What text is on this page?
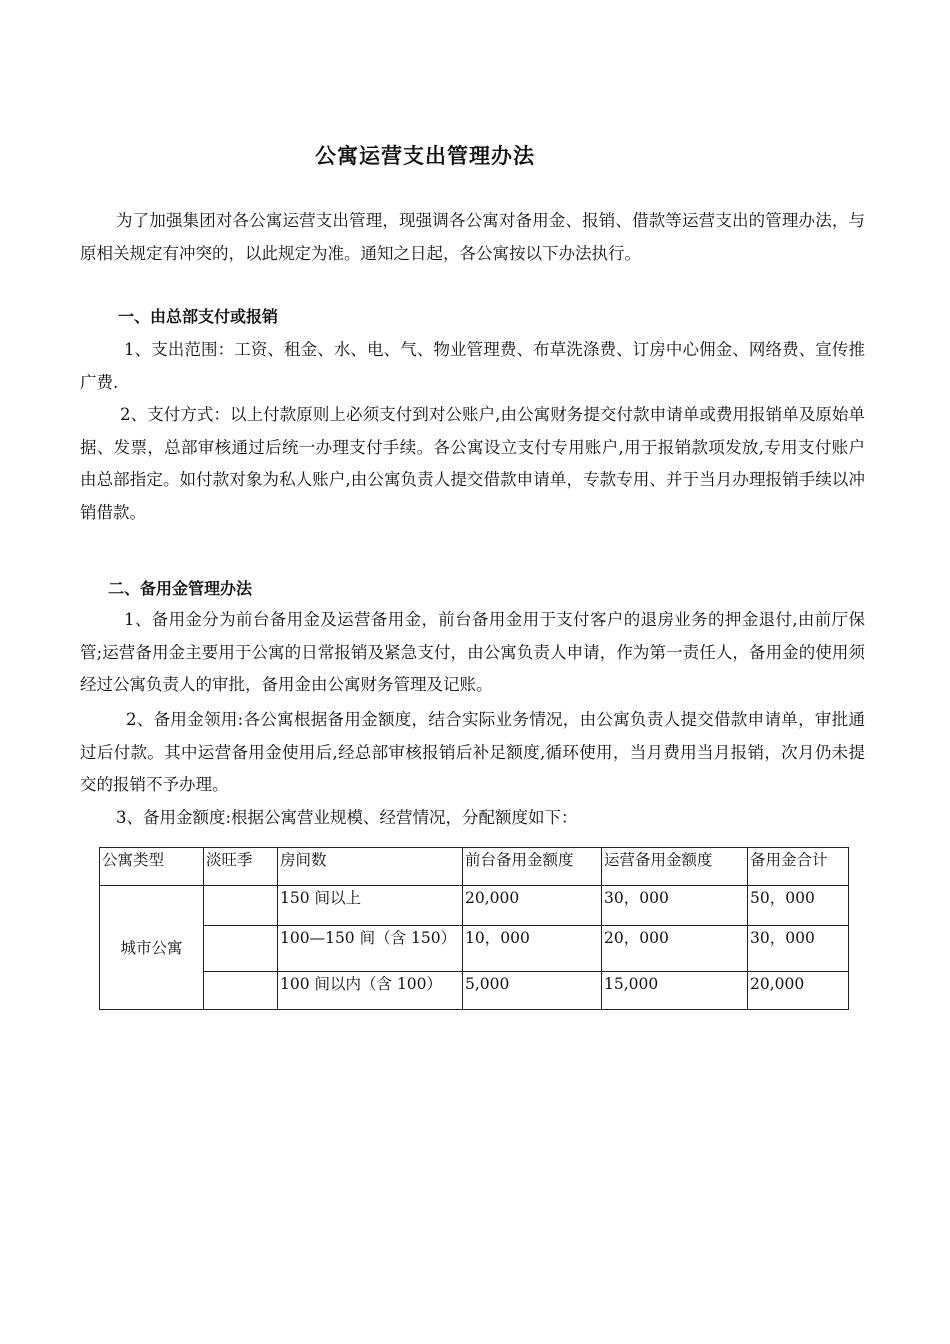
公寓运营支出管理办法

为了加强集团对各公寓运营支出管理，现强调各公寓对备用金、报销、借款等运营支出的管理办法，与原相关规定有冲突的，以此规定为准。通知之日起，各公寓按以下办法执行。

一、由总部支付或报销

1、支出范围：工资、租金、水、电、气、物业管理费、布草洗涤费、订房中心佣金、网络费、宣传推广费.

2、支付方式：以上付款原则上必须支付到对公账户,由公寓财务提交付款申请单或费用报销单及原始单据、发票，总部审核通过后统一办理支付手续。各公寓设立支付专用账户,用于报销款项发放,专用支付账户由总部指定。如付款对象为私人账户,由公寓负责人提交借款申请单，专款专用、并于当月办理报销手续以冲销借款。

二、备用金管理办法

1、备用金分为前台备用金及运营备用金，前台备用金用于支付客户的退房业务的押金退付,由前厅保管;运营备用金主要用于公寓的日常报销及紧急支付，由公寓负责人申请，作为第一责任人，备用金的使用须经过公寓负责人的审批，备用金由公寓财务管理及记账。

2、备用金领用:各公寓根据备用金额度，结合实际业务情况，由公寓负责人提交借款申请单，审批通过后付款。其中运营备用金使用后,经总部审核报销后补足额度,循环使用，当月费用当月报销，次月仍未提交的报销不予办理。

3、备用金额度:根据公寓营业规模、经营情况，分配额度如下：

公寓类型	淡旺季	房间数	前台备用金额度	运营备用金额度	备用金合计
城市公寓		150 间以上	20,000	30，000	50，000
		100—150 间（含 150）	10，000	20，000	30，000
		100 间以内（含 100）	5,000	15,000	20,000
